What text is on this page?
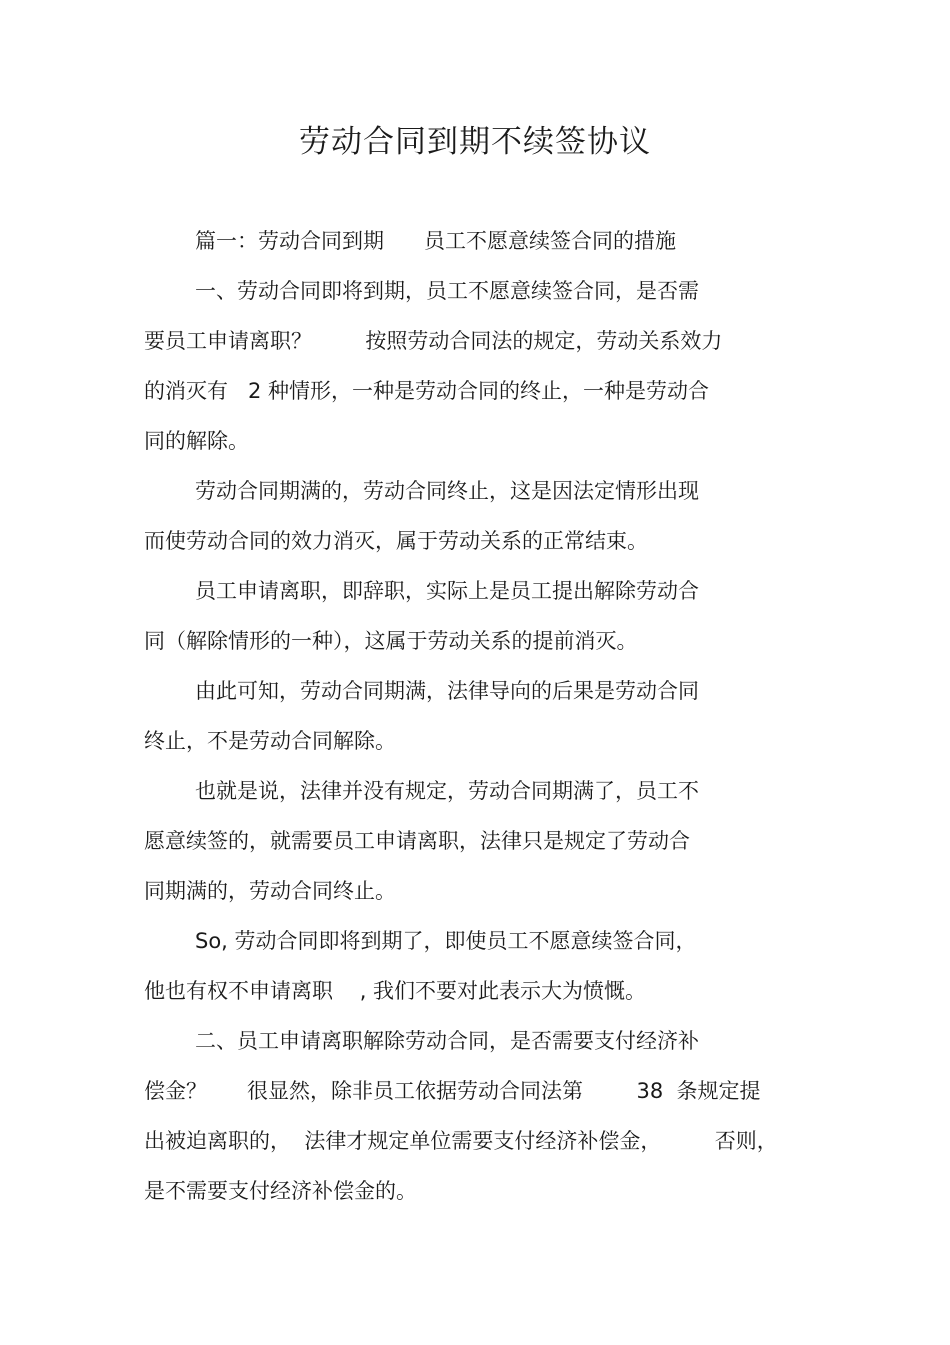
劳动合同到期不续签协议
篇一：劳动合同到期      员工不愿意续签合同的措施
一、劳动合同即将到期，员工不愿意续签合同，是否需
要员工申请离职？        按照劳动合同法的规定，劳动关系效力
的消灭有   2 种情形，一种是劳动合同的终止，一种是劳动合
同的解除。
劳动合同期满的，劳动合同终止，这是因法定情形出现
而使劳动合同的效力消灭，属于劳动关系的正常结束。
员工申请离职，即辞职，实际上是员工提出解除劳动合
同（解除情形的一种），这属于劳动关系的提前消灭。
由此可知，劳动合同期满，法律导向的后果是劳动合同
终止，不是劳动合同解除。
也就是说，法律并没有规定，劳动合同期满了，员工不
愿意续签的，就需要员工申请离职，法律只是规定了劳动合
同期满的，劳动合同终止。
So, 劳动合同即将到期了，即使员工不愿意续签合同，
他也有权不申请离职    , 我们不要对此表示大为愤慨。
二、员工申请离职解除劳动合同，是否需要支付经济补
偿金？      很显然，除非员工依据劳动合同法第        38  条规定提
出被迫离职的，  法律才规定单位需要支付经济补偿金，        否则，
是不需要支付经济补偿金的。
